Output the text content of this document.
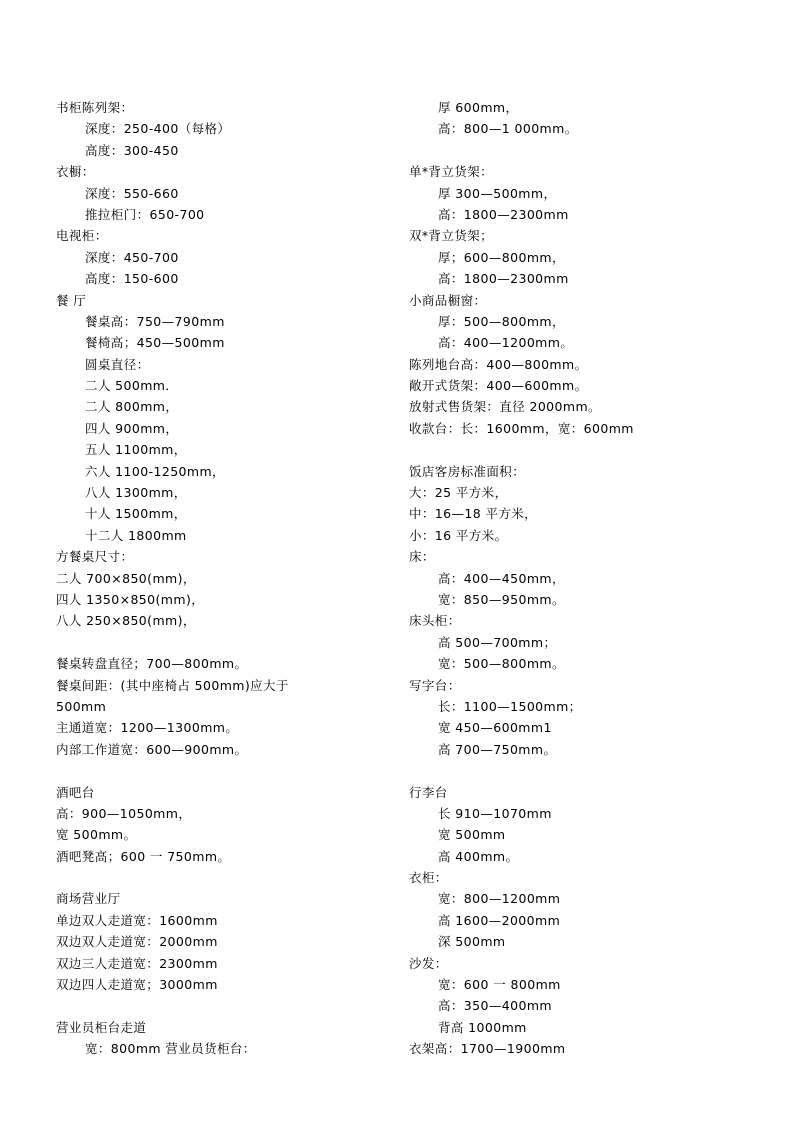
书柜陈列架：
深度：250-400（每格）
高度：300-450
衣橱：
深度：550-660
推拉柜门：650-700
电视柜：
深度：450-700
高度：150-600
餐 厅
餐桌高：750—790mm
餐椅高；450—500mm
圆桌直径：
二人 500mm．
二人 800mm，
四人 900mm，
五人 1100mm，
六人 1100-1250mm，
八人 1300mm，
十人 1500mm，
十二人 1800mm
方餐桌尺寸：
二人 700×850(mm)，
四人 1350×850(mm)，
八人 250×850(mm)，
餐桌转盘直径；700—800mm。
餐桌间距：(其中座椅占 500mm)应大于
500mm
主通道宽：1200—1300mm。
内部工作道宽：600—900mm。
酒吧台
高：900—1050mm，
宽 500mm。
酒吧凳高；600 一 750mm。
商场营业厅
单边双人走道宽：1600mm
双边双人走道宽：2000mm
双边三人走道宽：2300mm
双边四人走道宽；3000mm
营业员柜台走道
宽：800mm 营业员货柜台：
厚 600mm，
高：800—1 000mm。
单*背立货架：
厚 300—500mm，
高：1800—2300mm
双*背立货架；
厚；600—800mm，
高：1800—2300mm
小商品橱窗：
厚：500—800mm，
高：400—1200mm。
陈列地台高：400—800mm。
敞开式货架：400—600mm。
放射式售货架：直径 2000mm。
收款台：长：1600mm，宽：600mm
饭店客房标准面积：
大：25 平方米，
中：16—18 平方米，
小：16 平方米。
床：
高：400—450mm，
宽：850—950mm。
床头柜：
高 500—700mm；
宽：500—800mm。
写字台：
长：1100—1500mm；
宽 450—600mm1
高 700—750mm。
行李台
长 910—1070mm
宽 500mm
高 400mm。
衣柜：
宽：800—1200mm
高 1600—2000mm
深 500mm
沙发：
宽：600 一 800mm
高：350—400mm
背高 1000mm
衣架高：1700—1900mm
